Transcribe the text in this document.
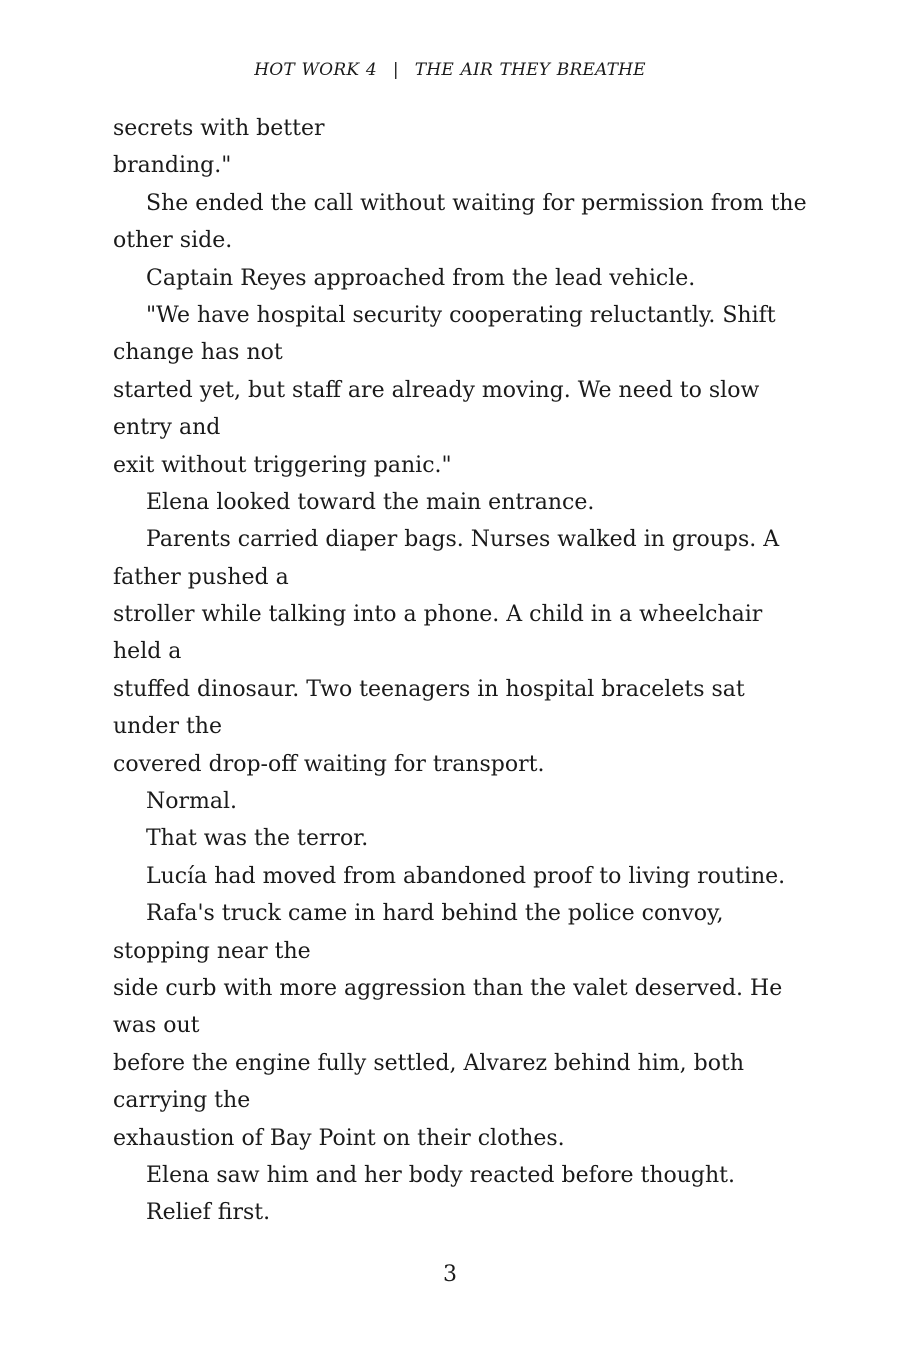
HOT WORK 4 | THE AIR THEY BREATHE
secrets with better
branding."
She ended the call without waiting for permission from the
other side.
Captain Reyes approached from the lead vehicle.
"We have hospital security cooperating reluctantly. Shift
change has not
started yet, but staff are already moving. We need to slow
entry and
exit without triggering panic."
Elena looked toward the main entrance.
Parents carried diaper bags. Nurses walked in groups. A
father pushed a
stroller while talking into a phone. A child in a wheelchair
held a
stuffed dinosaur. Two teenagers in hospital bracelets sat
under the
covered drop-off waiting for transport.
Normal.
That was the terror.
Lucía had moved from abandoned proof to living routine.
Rafa's truck came in hard behind the police convoy,
stopping near the
side curb with more aggression than the valet deserved. He
was out
before the engine fully settled, Alvarez behind him, both
carrying the
exhaustion of Bay Point on their clothes.
Elena saw him and her body reacted before thought.
Relief first.
3
